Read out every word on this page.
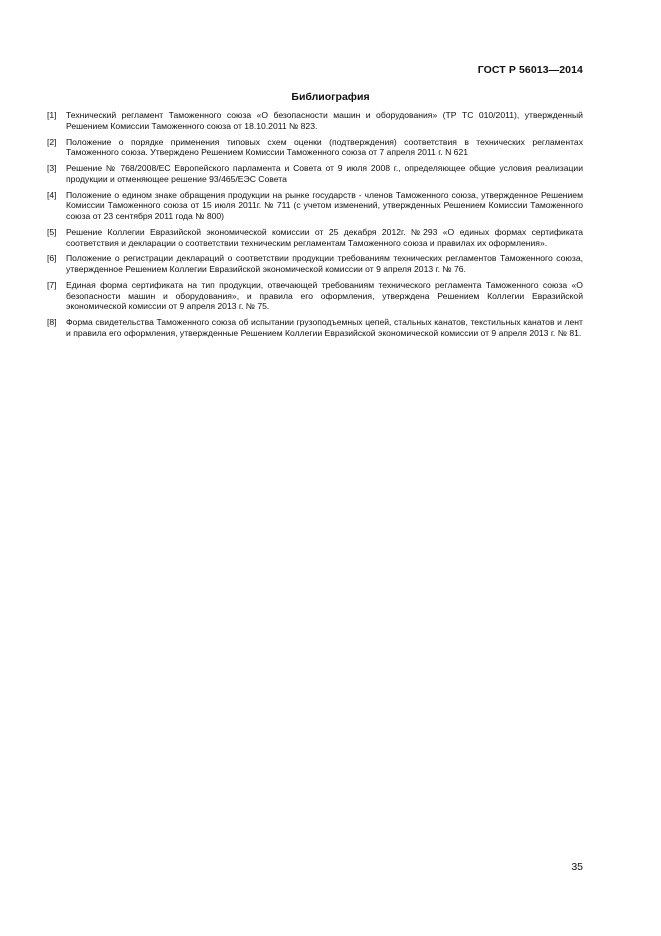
ГОСТ Р 56013—2014
Библиография
[1]	Технический регламент Таможенного союза «О безопасности машин и оборудования» (ТР ТС 010/2011), утвержденный Решением Комиссии Таможенного союза от 18.10.2011 № 823.
[2]	Положение о порядке применения типовых схем оценки (подтверждения) соответствия в технических регламентах Таможенного союза. Утверждено Решением Комиссии Таможенного союза от 7 апреля 2011 г. N 621
[3]	Решение № 768/2008/ЕС Европейского парламента и Совета от 9 июля 2008 г., определяющее общие условия реализации продукции и отменяющее решение 93/465/ЕЭС Совета
[4]	Положение о едином знаке обращения продукции на рынке государств - членов Таможенного союза, утвержденное Решением Комиссии Таможенного союза от 15 июля 2011г. № 711 (с учетом изменений, утвержденных Решением Комиссии Таможенного союза от 23 сентября 2011 года № 800)
[5]	Решение Коллегии Евразийской экономической комиссии от 25 декабря 2012г. №293 «О единых формах сертификата соответствия и декларации о соответствии техническим регламентам Таможенного союза и правилах их оформления».
[6]	Положение о регистрации деклараций о соответствии продукции требованиям технических регламентов Таможенного союза, утвержденное Решением Коллегии Евразийской экономической комиссии от 9 апреля 2013 г. № 76.
[7]	Единая форма сертификата на тип продукции, отвечающей требованиям технического регламента Таможенного союза «О безопасности машин и оборудования», и правила его оформления, утверждена Решением Коллегии Евразийской экономической комиссии от 9 апреля 2013 г. № 75.
[8]	Форма свидетельства Таможенного союза об испытании грузоподъемных цепей, стальных канатов, текстильных канатов и лент и правила его оформления, утвержденные Решением Коллегии Евразийской экономической комиссии от 9 апреля 2013 г. № 81.
35
